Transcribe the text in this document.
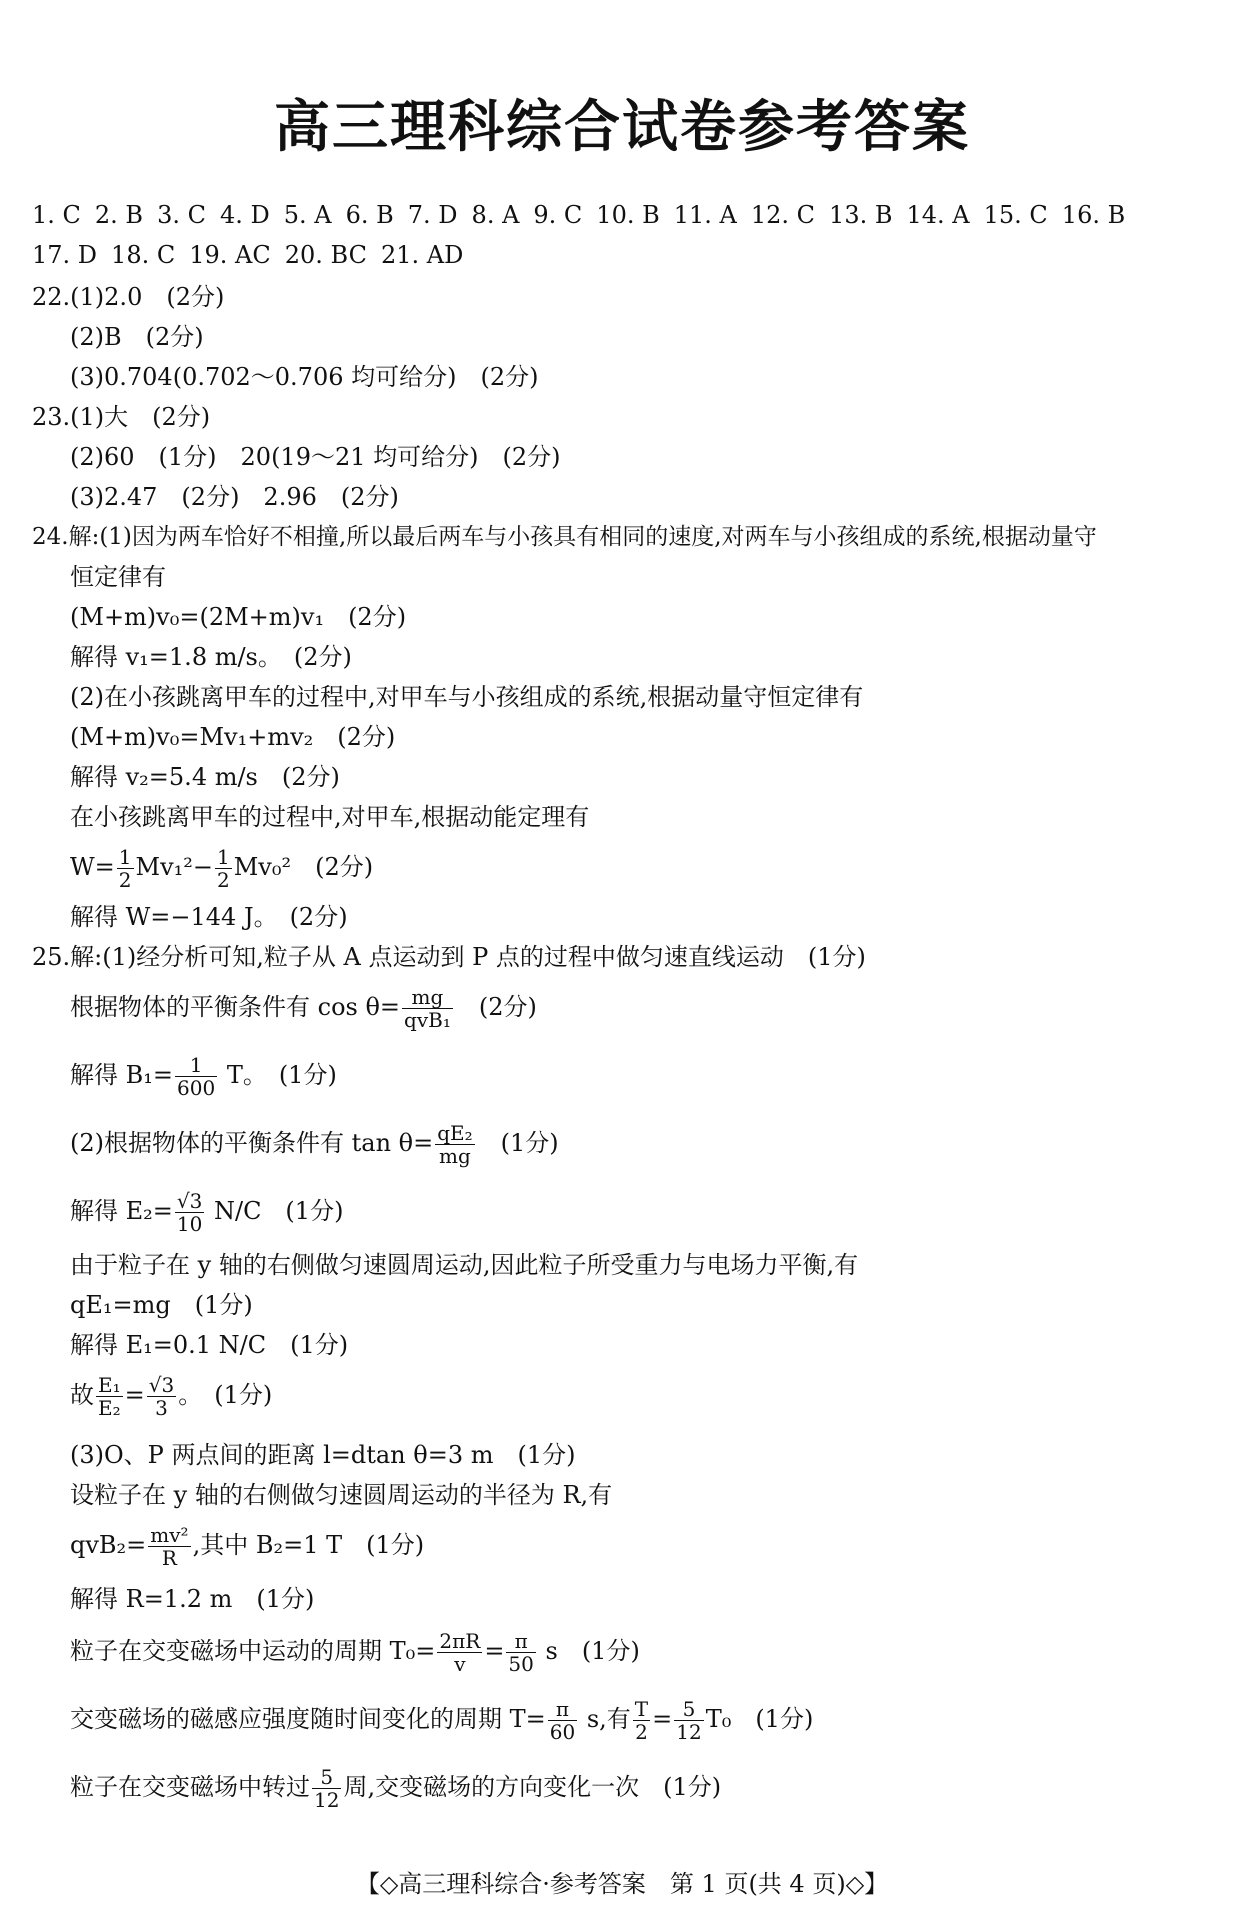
高三理科综合试卷参考答案
1. C 2. B 3. C 4. D 5. A 6. B 7. D 8. A 9. C 10. B 11. A 12. C 13. B 14. A 15. C 16. B
17. D 18. C 19. AC 20. BC 21. AD
22.(1)2.0　(2分)
(2)B　(2分)
(3)0.704(0.702～0.706 均可给分)　(2分)
23.(1)大　(2分)
(2)60　(1分)　20(19～21 均可给分)　(2分)
(3)2.47　(2分)　2.96　(2分)
24.解:(1)因为两车恰好不相撞,所以最后两车与小孩具有相同的速度,对两车与小孩组成的系统,根据动量守
恒定律有
(M+m)v₀=(2M+m)v₁　(2分)
解得 v₁=1.8 m/s。　(2分)
(2)在小孩跳离甲车的过程中,对甲车与小孩组成的系统,根据动量守恒定律有
(M+m)v₀=Mv₁+mv₂　(2分)
解得 v₂=5.4 m/s　(2分)
在小孩跳离甲车的过程中,对甲车,根据动能定理有
$W= \frac{1}{2} Mv_1^2- \frac{1}{2} Mv_0^2$　(2分)
解得 W=−144 J。　(2分)
25.解:(1)经分析可知,粒子从 A 点运动到 P 点的过程中做匀速直线运动　(1分)
根据物体的平衡条件有 cos θ= mg
qvB₁ 　(2分)
解得 $B_1= \frac{1}{600}$ T。　(1分)
(2)根据物体的平衡条件有 $\tan \theta= \frac{\text{qE₂}}{mg}$ 　(1分)
解得 $E_2= \frac{√3}{10} N/C$　(1分)
由于粒子在 y 轴的右侧做匀速圆周运动,因此粒子所受重力与电场力平衡,有
qE₁=mg　(1分)
解得 E₁=0.1 N/C　(1分)
故 $\frac{\text{E₁}}{\text{E₂}} = \frac{√3}{3}$ 。　(1分)
(3)O、P 两点间的距离 l=dtan θ=3 m　(1分)
设粒子在 y 轴的右侧做匀速圆周运动的半径为 R,有
$qvB_2= \frac{\text{mv²}}{R}$ ,其中 B₂=1 T　(1分)
解得 R=1.2 m　(1分)
粒子在交变磁场中运动的周期 $T_0= \frac{2\pi R}{v} = \frac{\pi}{50}$ s　(1分)
交变磁场的磁感应强度随时间变化的周期 $T= \frac{\pi}{60} s$,有 $\frac{T}{2} = \frac{5}{12} T_0$　(1分)
粒子在交变磁场中转过 $\frac{5}{12}$ 周,交变磁场的方向变化一次　(1分)
【◇高三理科综合·参考答案　第 1 页(共 4 页)◇】
